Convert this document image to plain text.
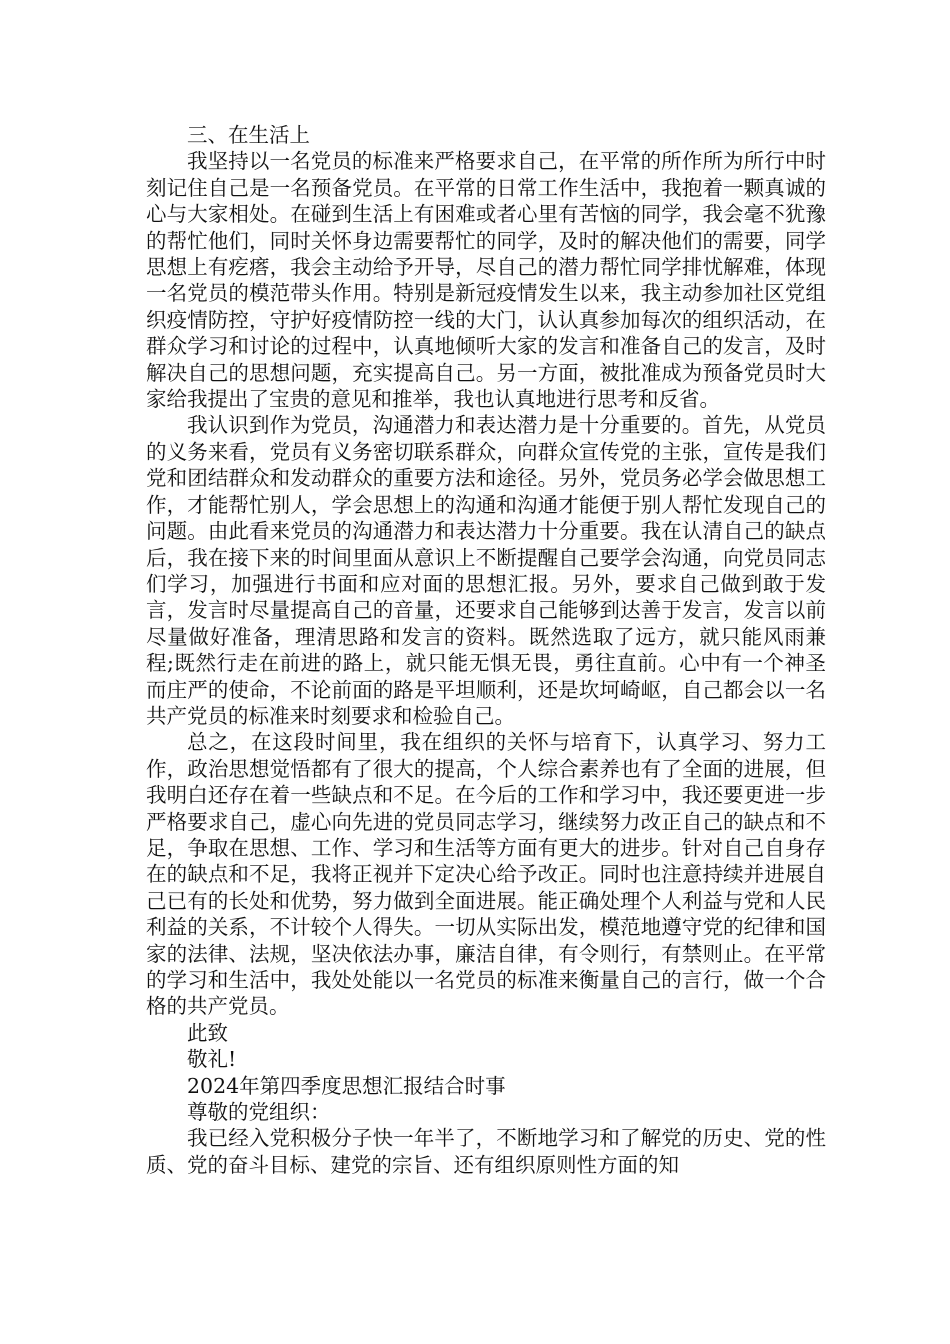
三、在生活上

我坚持以一名党员的标准来严格要求自己，在平常的所作所为所行中时刻记住自己是一名预备党员。在平常的日常工作生活中，我抱着一颗真诚的心与大家相处。在碰到生活上有困难或者心里有苦恼的同学，我会毫不犹豫的帮忙他们，同时关怀身边需要帮忙的同学，及时的解决他们的需要，同学思想上有疙瘩，我会主动给予开导，尽自己的潜力帮忙同学排忧解难，体现一名党员的模范带头作用。特别是新冠疫情发生以来，我主动参加社区党组织疫情防控，守护好疫情防控一线的大门，认认真参加每次的组织活动，在群众学习和讨论的过程中，认真地倾听大家的发言和准备自己的发言，及时解决自己的思想问题，充实提高自己。另一方面，被批准成为预备党员时大家给我提出了宝贵的意见和推举，我也认真地进行思考和反省。

我认识到作为党员，沟通潜力和表达潜力是十分重要的。首先，从党员的义务来看，党员有义务密切联系群众，向群众宣传党的主张，宣传是我们党和团结群众和发动群众的重要方法和途径。另外，党员务必学会做思想工作，才能帮忙别人，学会思想上的沟通和沟通才能便于别人帮忙发现自己的问题。由此看来党员的沟通潜力和表达潜力十分重要。我在认清自己的缺点后，我在接下来的时间里面从意识上不断提醒自己要学会沟通，向党员同志们学习，加强进行书面和应对面的思想汇报。另外，要求自己做到敢于发言，发言时尽量提高自己的音量，还要求自己能够到达善于发言，发言以前尽量做好准备，理清思路和发言的资料。既然选取了远方，就只能风雨兼程;既然行走在前进的路上，就只能无惧无畏，勇往直前。心中有一个神圣而庄严的使命，不论前面的路是平坦顺利，还是坎坷崎岖，自己都会以一名共产党员的标准来时刻要求和检验自己。

总之，在这段时间里，我在组织的关怀与培育下，认真学习、努力工作，政治思想觉悟都有了很大的提高，个人综合素养也有了全面的进展，但我明白还存在着一些缺点和不足。在今后的工作和学习中，我还要更进一步严格要求自己，虚心向先进的党员同志学习，继续努力改正自己的缺点和不足，争取在思想、工作、学习和生活等方面有更大的进步。针对自己自身存在的缺点和不足，我将正视并下定决心给予改正。同时也注意持续并进展自己已有的长处和优势，努力做到全面进展。能正确处理个人利益与党和人民利益的关系，不计较个人得失。一切从实际出发，模范地遵守党的纪律和国家的法律、法规，坚决依法办事，廉洁自律，有令则行，有禁则止。在平常的学习和生活中，我处处能以一名党员的标准来衡量自己的言行，做一个合格的共产党员。

此致

敬礼!

2024年第四季度思想汇报结合时事

尊敬的党组织：

我已经入党积极分子快一年半了，不断地学习和了解党的历史、党的性质、党的奋斗目标、建党的宗旨、还有组织原则性方面的知
